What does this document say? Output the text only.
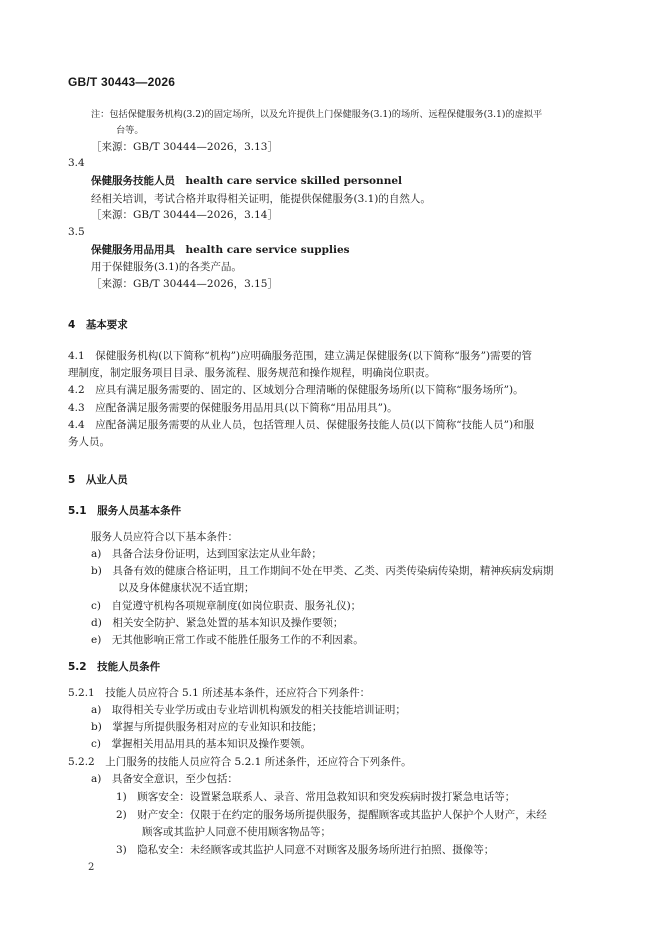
GB/T 30443—2026
注：包括保健服务机构(3.2)的固定场所，以及允许提供上门保健服务(3.1)的场所、远程保健服务(3.1)的虚拟平
台等。
［来源：GB/T 30444—2026，3.13］
3.4
保健服务技能人员　 health care service skilled personnel
经相关培训，考试合格并取得相关证明，能提供保健服务(3.1)的自然人。
［来源：GB/T 30444—2026，3.14］
3.5
保健服务用品用具　 health care service supplies
用于保健服务(3.1)的各类产品。
［来源：GB/T 30444—2026，3.15］
4　 基本要求
4.1　保健服务机构(以下简称“机构”)应明确服务范围，建立满足保健服务(以下简称“服务”)需要的管
理制度，制定服务项目目录、服务流程、服务规范和操作规程，明确岗位职责。
4.2　应具有满足服务需要的、固定的、区域划分合理清晰的保健服务场所(以下简称“服务场所”)。
4.3　应配备满足服务需要的保健服务用品用具(以下简称“用品用具”)。
4.4　应配备满足服务需要的从业人员，包括管理人员、保健服务技能人员(以下简称“技能人员”)和服
务人员。
5　 从业人员
5.1　 服务人员基本条件
服务人员应符合以下基本条件：
a)　具备合法身份证明，达到国家法定从业年龄；
b)　具备有效的健康合格证明，且工作期间不处在甲类、乙类、丙类传染病传染期，精神疾病发病期
以及身体健康状况不适宜期；
c)　自觉遵守机构各项规章制度(如岗位职责、服务礼仪)；
d)　相关安全防护、紧急处置的基本知识及操作要领；
e)　无其他影响正常工作或不能胜任服务工作的不利因素。
5.2　 技能人员条件
5.2.1　技能人员应符合 5.1 所述基本条件，还应符合下列条件：
a)　取得相关专业学历或由专业培训机构颁发的相关技能培训证明；
b)　掌握与所提供服务相对应的专业知识和技能；
c)　掌握相关用品用具的基本知识及操作要领。
5.2.2　上门服务的技能人员应符合 5.2.1 所述条件，还应符合下列条件。
a)　具备安全意识，至少包括：
1)　顾客安全：设置紧急联系人、录音、常用急救知识和突发疾病时拨打紧急电话等；
2)　财产安全：仅限于在约定的服务场所提供服务，提醒顾客或其监护人保护个人财产，未经
顾客或其监护人同意不使用顾客物品等；
3)　隐私安全：未经顾客或其监护人同意不对顾客及服务场所进行拍照、摄像等；
2
